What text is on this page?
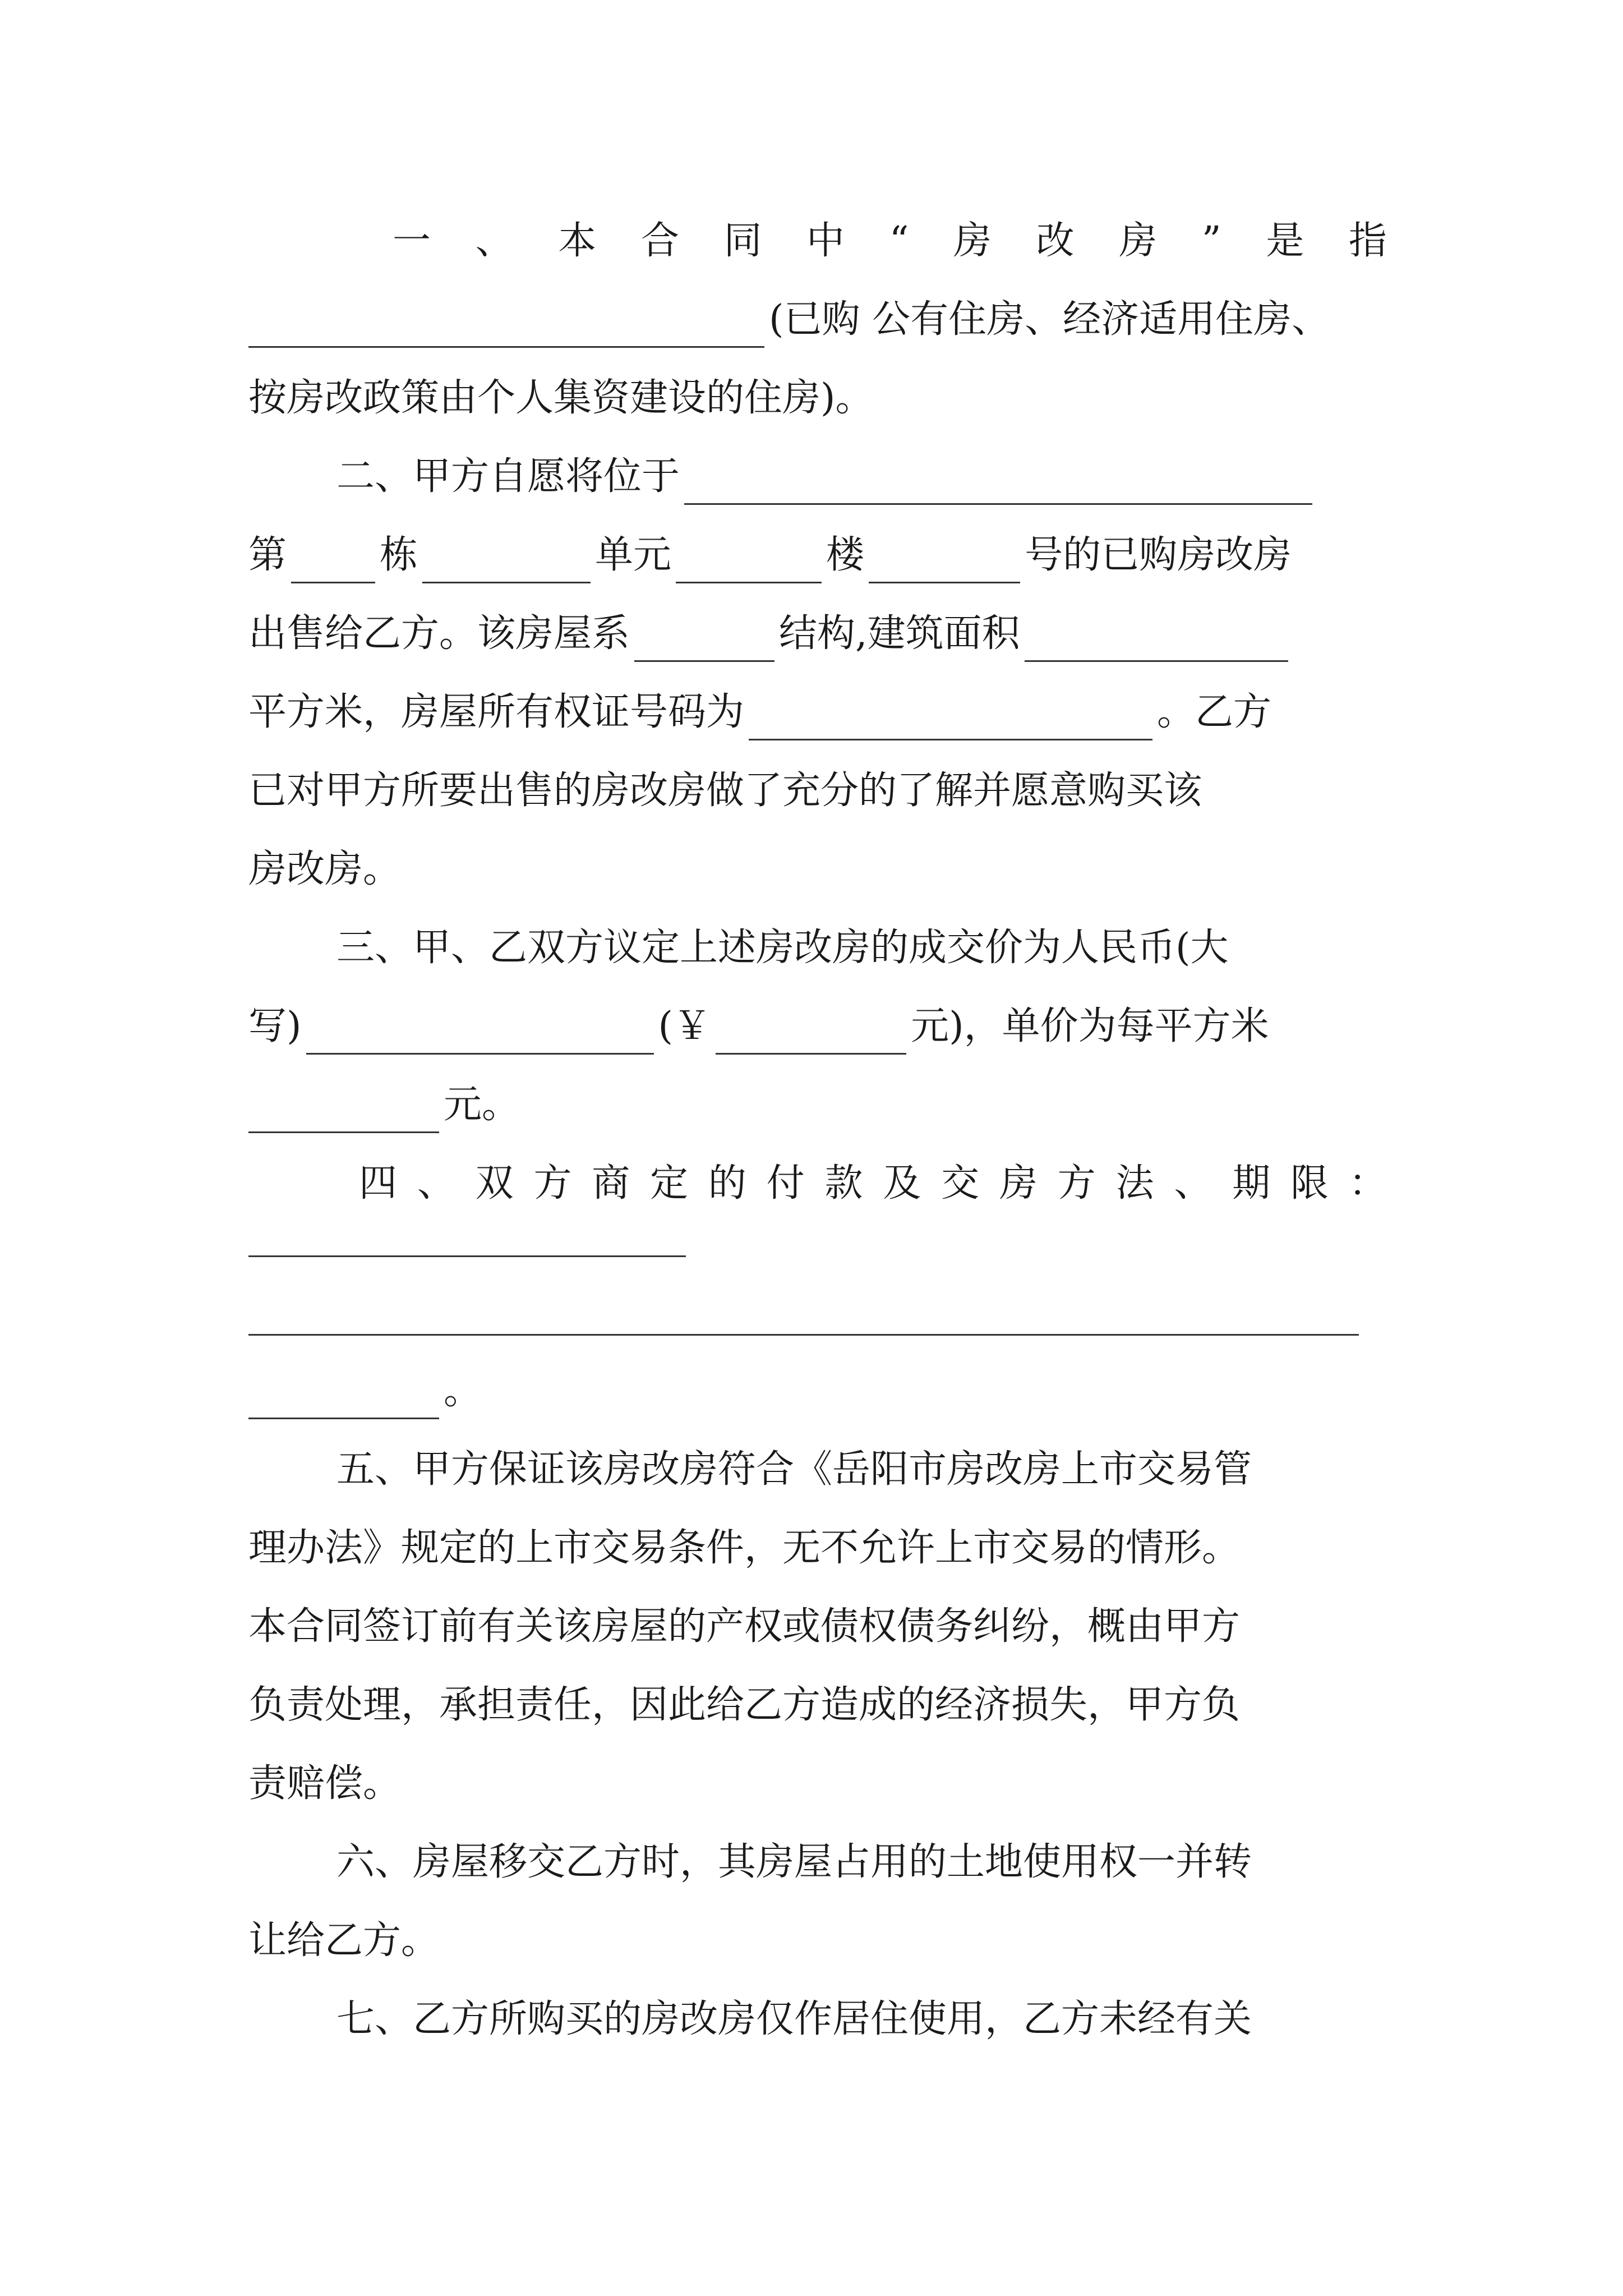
一 、 本 合 同 中 “ 房 改 房 ” 是 指
(已购 公有住房、经济适用住房、
按房改政策由个人集资建设的住房)。
二、甲方自愿将位于
第 栋	单元	楼	号的已购房改房
出售给乙方。该房屋系	结构,建筑面积
平方米，房屋所有权证号码为	。乙方
已对甲方所要出售的房改房做了充分的了解并愿意购买该
房改房。
三、甲、乙双方议定上述房改房的成交价为人民币(大
写)	(￥	元)，单价为每平方米
元。
四 、 双 方 商 定 的 付 款 及 交 房 方 法 、 期 限 ：
。
五、甲方保证该房改房符合《岳阳市房改房上市交易管
理办法》规定的上市交易条件，无不允许上市交易的情形。
本合同签订前有关该房屋的产权或债权债务纠纷，概由甲方
负责处理，承担责任，因此给乙方造成的经济损失，甲方负
责赔偿。
六、房屋移交乙方时，其房屋占用的土地使用权一并转
让给乙方。
七、乙方所购买的房改房仅作居住使用，乙方未经有关
